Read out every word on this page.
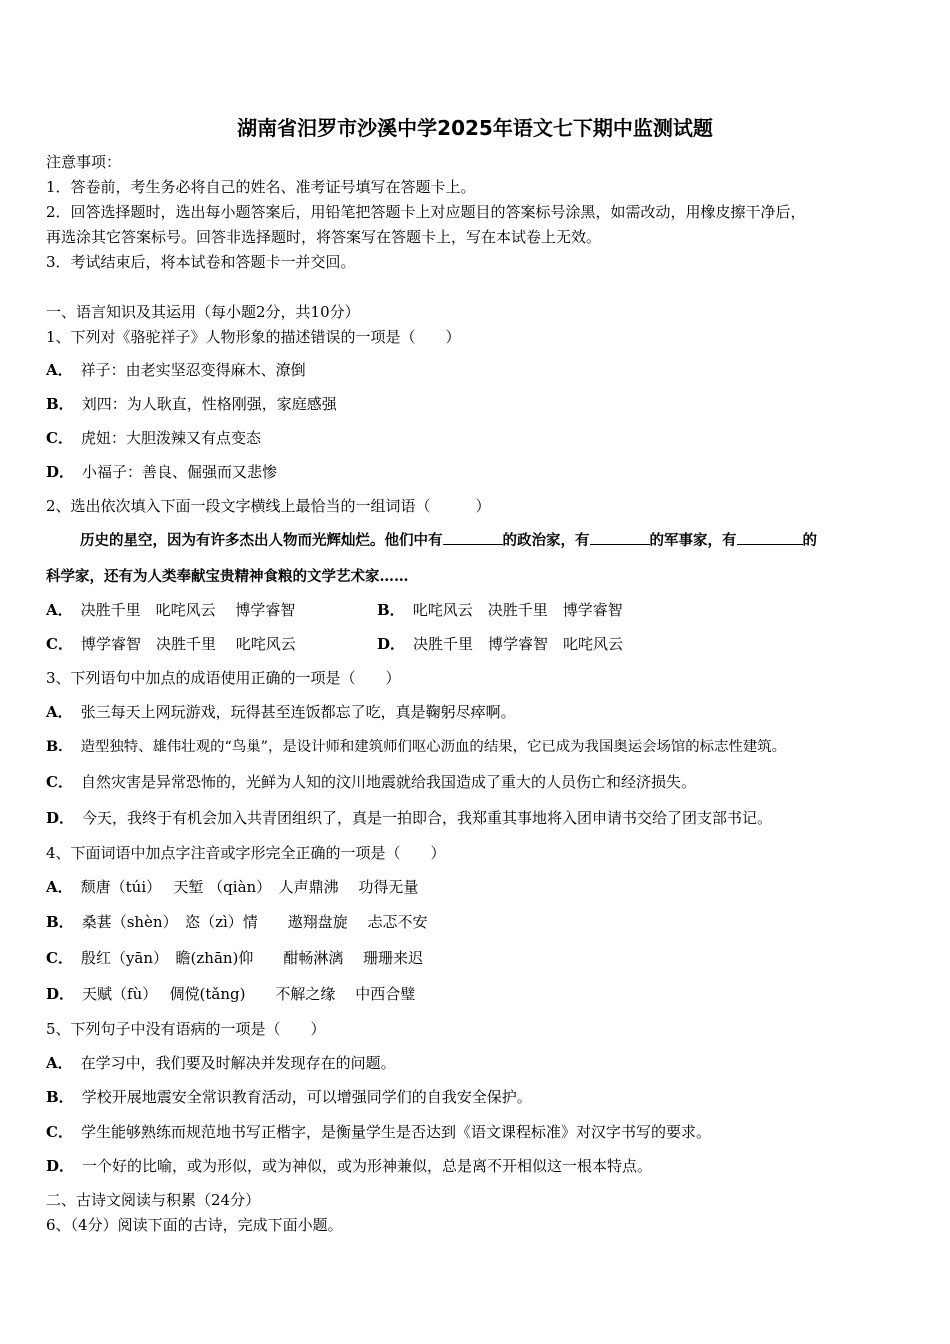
湖南省汨罗市沙溪中学2025年语文七下期中监测试题
注意事项：
1．答卷前，考生务必将自己的姓名、准考证号填写在答题卡上。
2．回答选择题时，选出每小题答案后，用铅笔把答题卡上对应题目的答案标号涂黑，如需改动，用橡皮擦干净后，
再选涂其它答案标号。回答非选择题时，将答案写在答题卡上，写在本试卷上无效。
3．考试结束后，将本试卷和答题卡一并交回。
一、语言知识及其运用（每小题2分，共10分）
1、下列对《骆驼祥子》人物形象的描述错误的一项是（　　）
A． 祥子：由老实坚忍变得麻木、潦倒
B． 刘四：为人耿直，性格刚强，家庭感强
C． 虎妞：大胆泼辣又有点变态
D． 小福子：善良、倔强而又悲惨
2、选出依次填入下面一段文字横线上最恰当的一组词语（　　　）
历史的星空，因为有许多杰出人物而光辉灿烂。他们中有	的政治家，有	的军事家，有	的
科学家，还有为人类奉献宝贵精神食粮的文学艺术家……
A． 决胜千里　叱咤风云　 博学睿智	B． 叱咤风云　决胜千里　博学睿智
C． 博学睿智　决胜千里　 叱咤风云	D． 决胜千里　博学睿智　叱咤风云
3、下列语句中加点的成语使用正确的一项是（　　）
A． 张三每天上网玩游戏，玩得甚至连饭都忘了吃，真是鞠躬尽瘁啊。
B． 造型独特、雄伟壮观的“鸟巢”，是设计师和建筑师们呕心沥血的结果，它已成为我国奥运会场馆的标志性建筑。
C． 自然灾害是异常恐怖的，光鲜为人知的汶川地震就给我国造成了重大的人员伤亡和经济损失。
D． 今天，我终于有机会加入共青团组织了，真是一拍即合，我郑重其事地将入团申请书交给了团支部书记。
4、下面词语中加点字注音或字形完全正确的一项是（　　）
A． 颓唐（túi）　 天堑 （qiàn）　人声鼎沸　 功得无量
B． 桑葚（shèn）　恣（zì）情　　遨翔盘旋　 忐忑不安
C． 殷红（yān）　瞻(zhān)仰　　酣畅淋漓　 珊珊来迟
D． 天赋（fù）　 倜傥(tǎng)　　不解之缘　 中西合璧
5、下列句子中没有语病的一项是（　　）
A． 在学习中，我们要及时解决并发现存在的问题。
B． 学校开展地震安全常识教育活动，可以增强同学们的自我安全保护。
C． 学生能够熟练而规范地书写正楷字，是衡量学生是否达到《语文课程标准》对汉字书写的要求。
D． 一个好的比喻，或为形似，或为神似，或为形神兼似，总是离不开相似这一根本特点。
二、古诗文阅读与积累（24分）
6、（4分）阅读下面的古诗，完成下面小题。
